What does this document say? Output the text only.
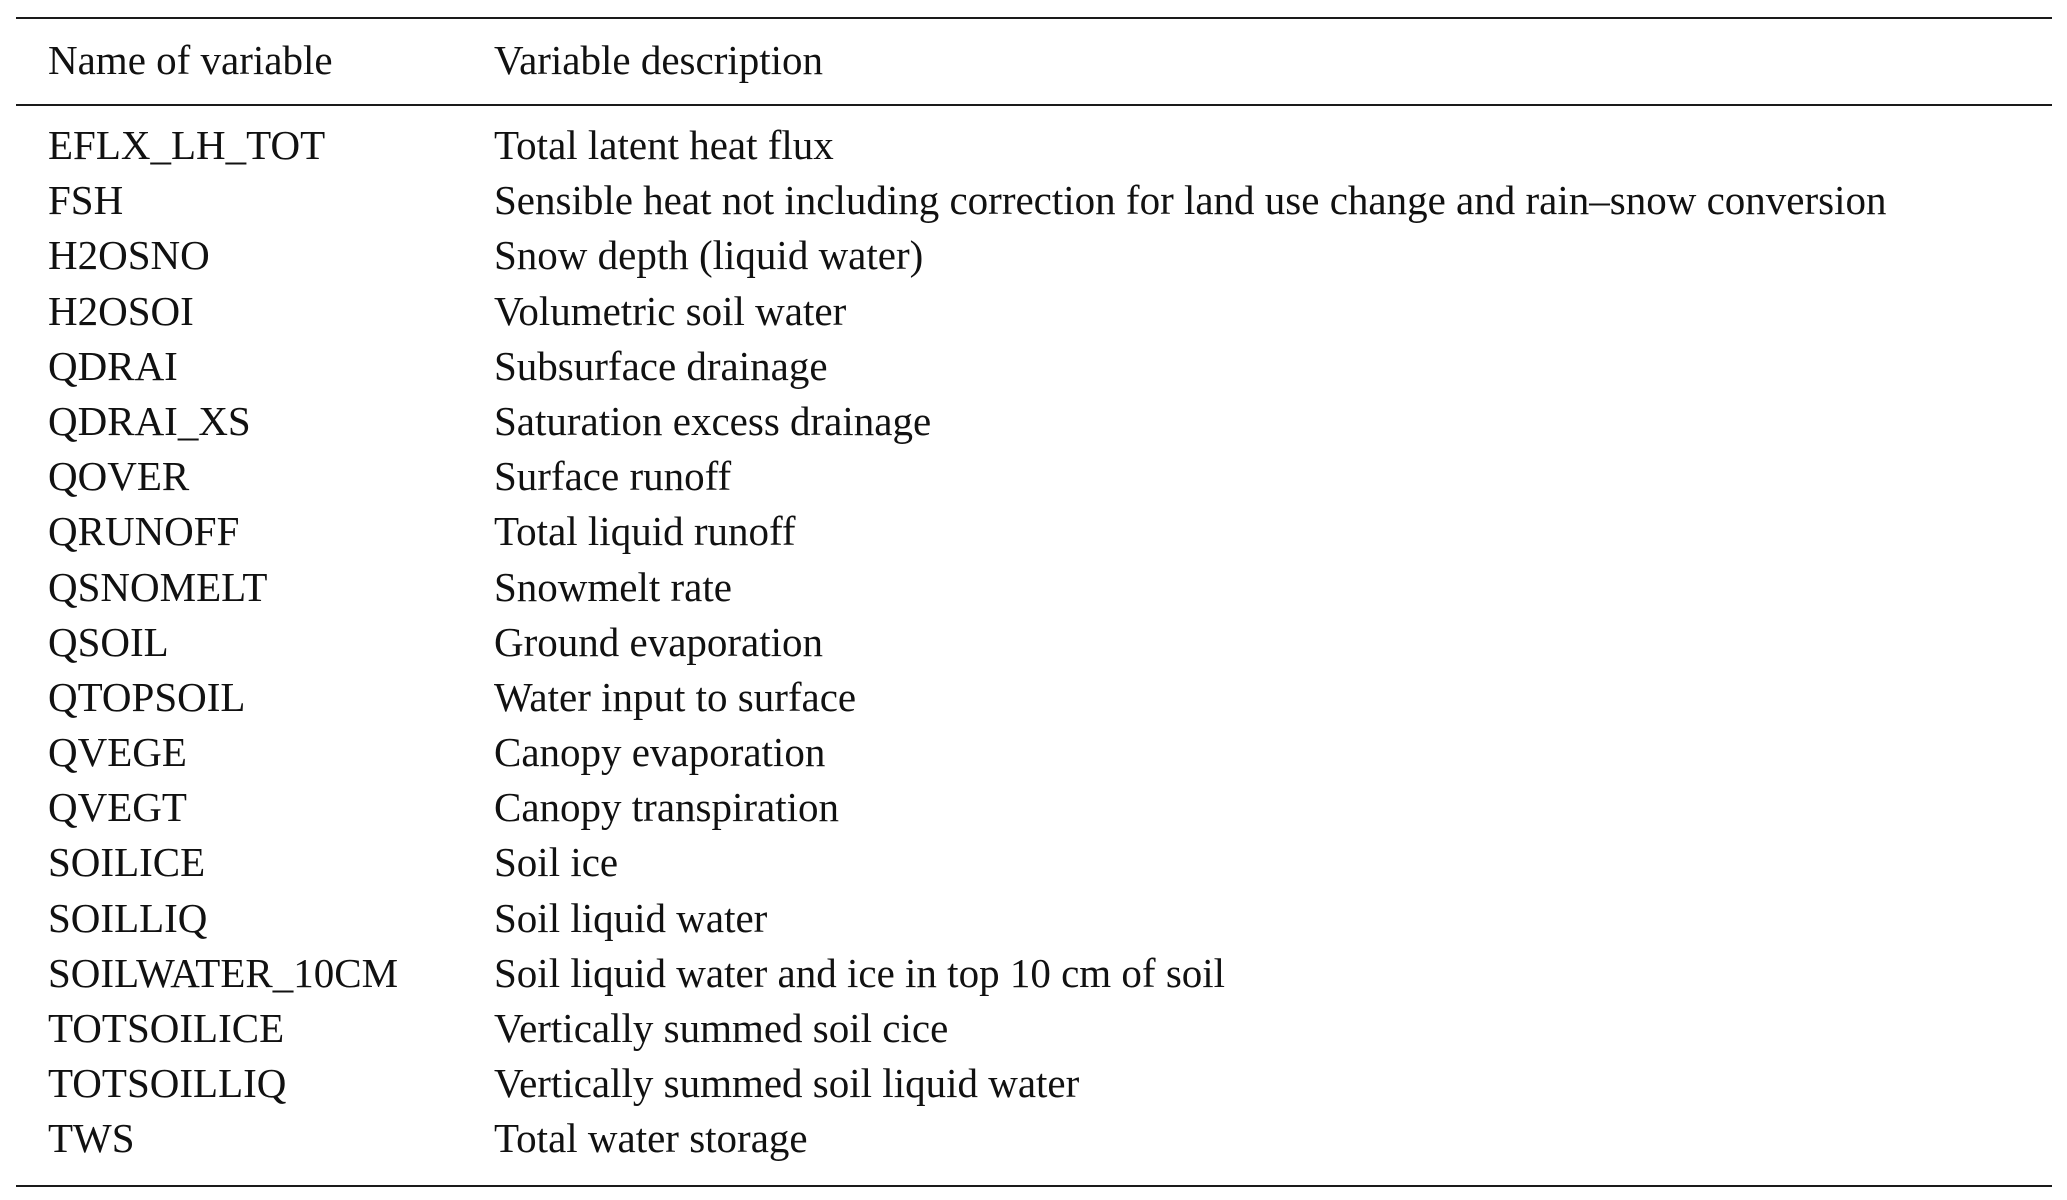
Name of variable	Variable description
EFLX_LH_TOT	Total latent heat flux
FSH	Sensible heat not including correction for land use change and rain–snow conversion
H2OSNO	Snow depth (liquid water)
H2OSOI	Volumetric soil water
QDRAI	Subsurface drainage
QDRAI_XS	Saturation excess drainage
QOVER	Surface runoff
QRUNOFF	Total liquid runoff
QSNOMELT	Snowmelt rate
QSOIL	Ground evaporation
QTOPSOIL	Water input to surface
QVEGE	Canopy evaporation
QVEGT	Canopy transpiration
SOILICE	Soil ice
SOILLIQ	Soil liquid water
SOILWATER_10CM Soil liquid water and ice in top 10 cm of soil
TOTSOILICE	Vertically summed soil cice
TOTSOILLIQ	Vertically summed soil liquid water
TWS	Total water storage
